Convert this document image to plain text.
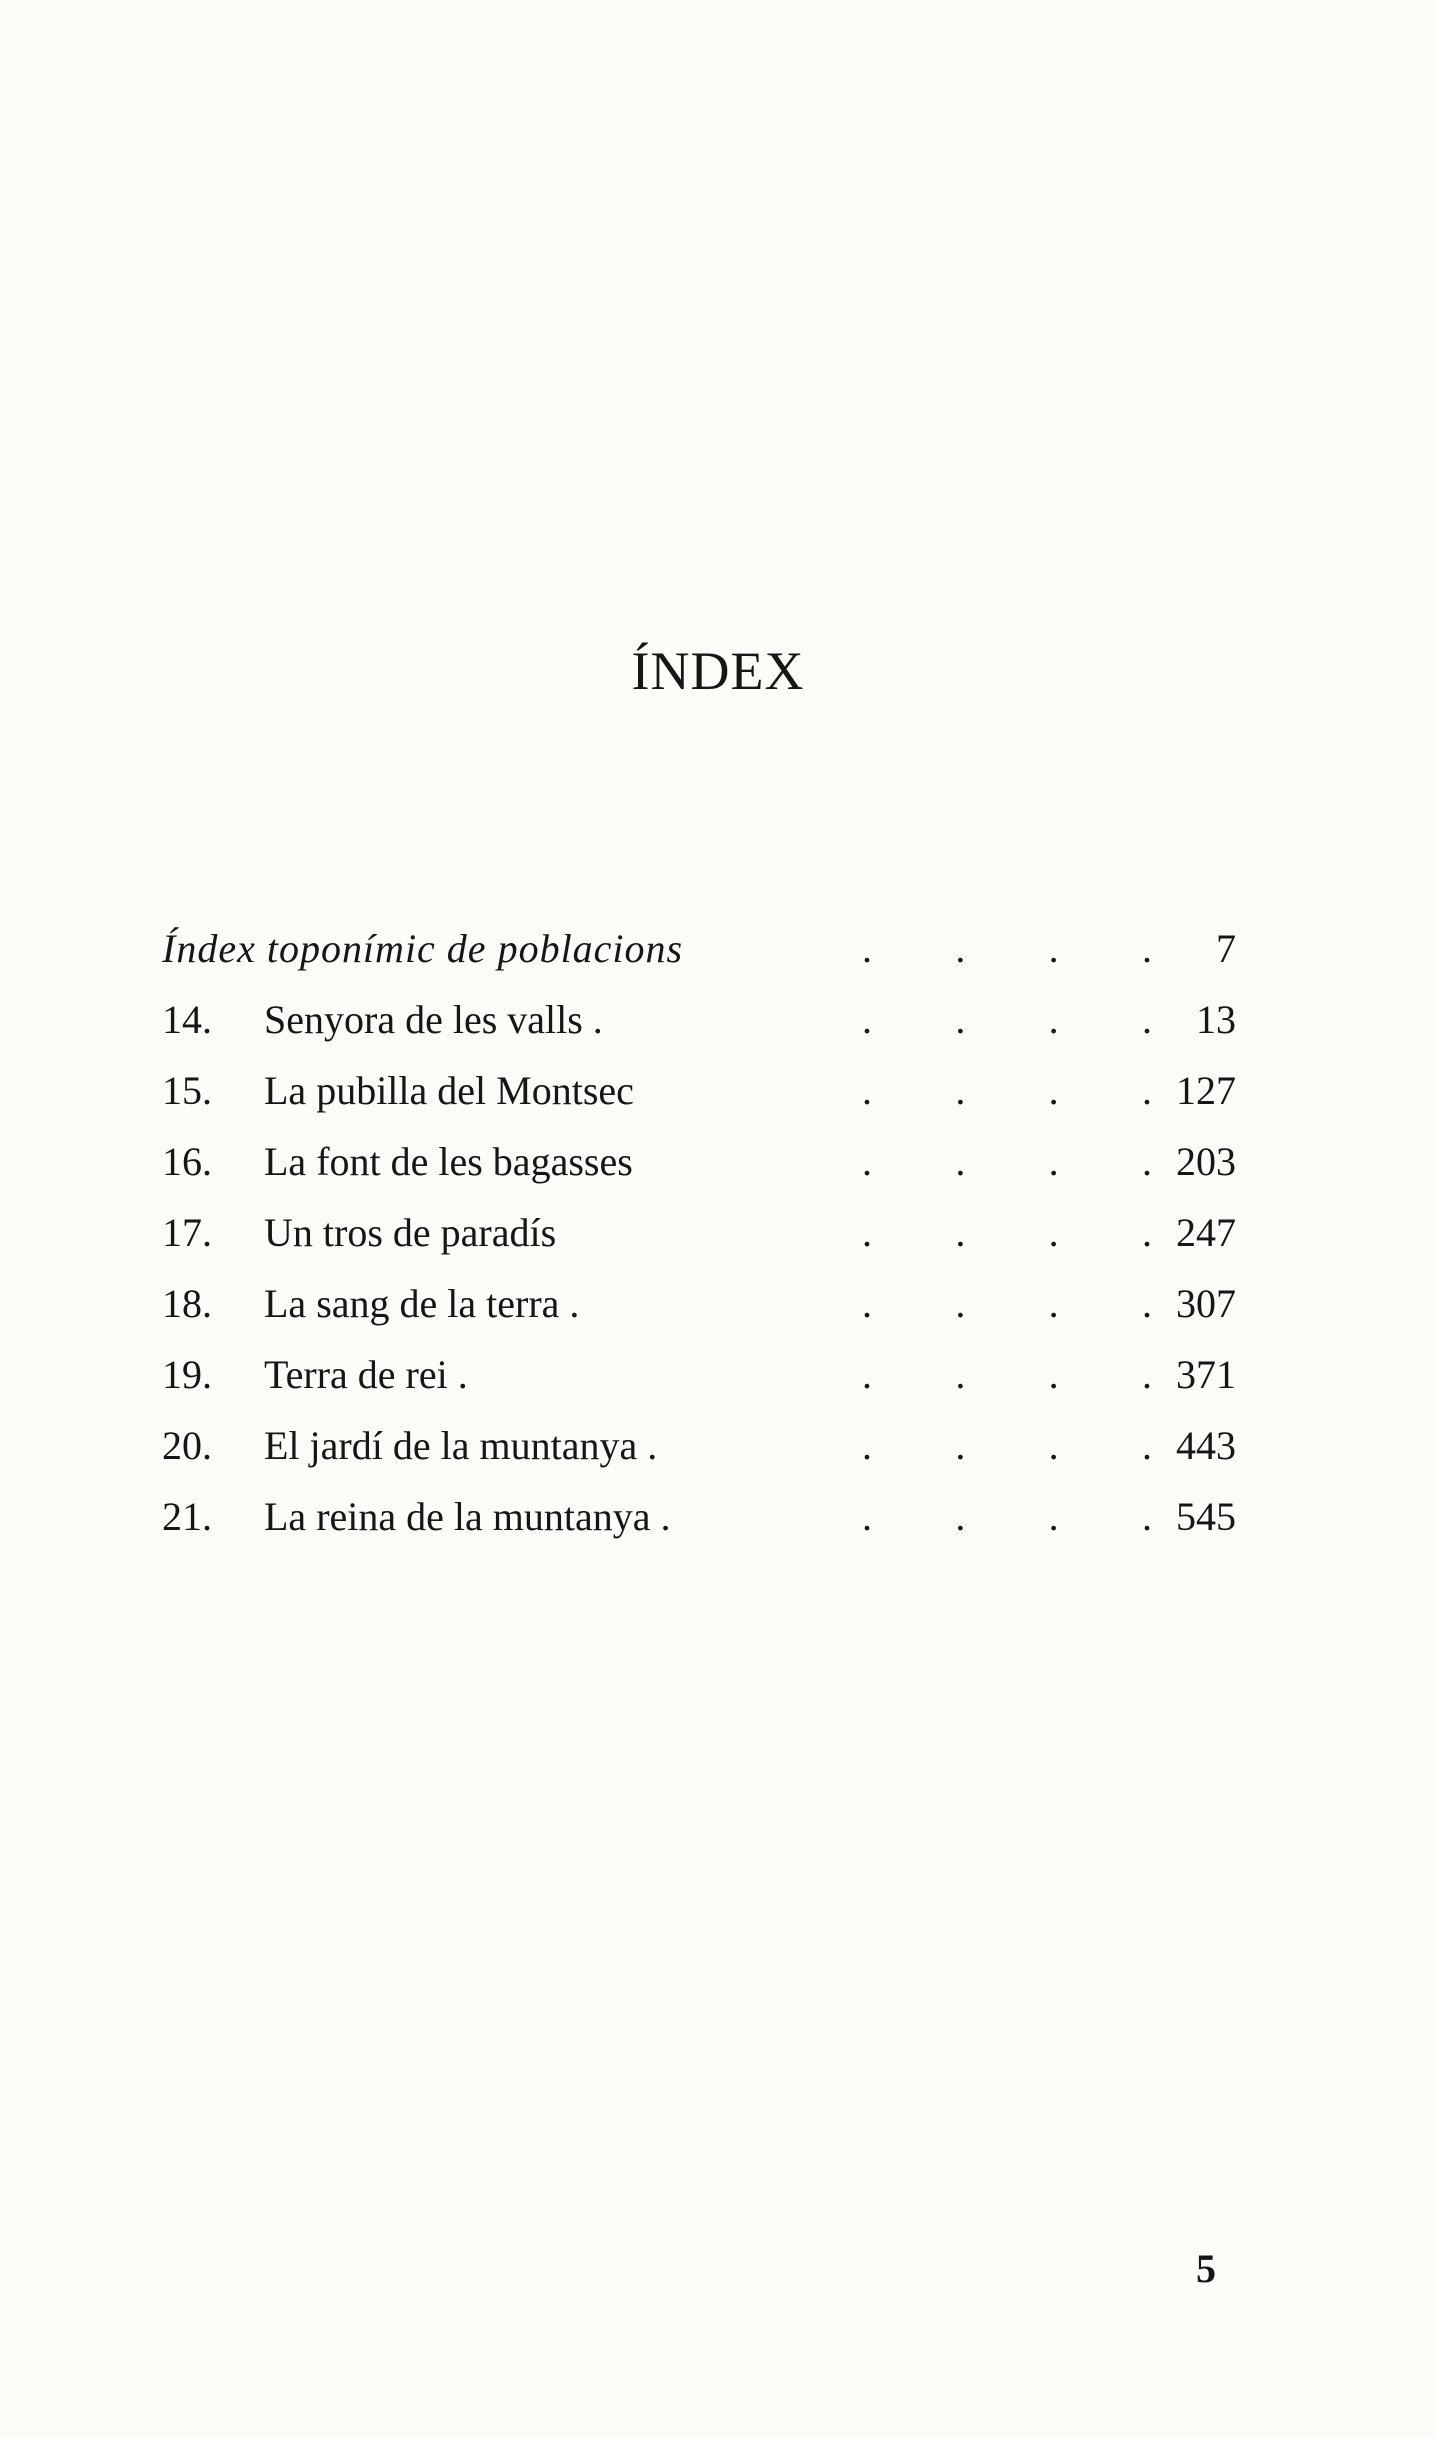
ÍNDEX
Índex toponímic de poblacions	. . . . 7
14.	Senyora de les valls .	. . . . 13
15.	La pubilla del Montsec	. . . . 127
16.	La font de les bagasses	. . . . 203
17.	Un tros de paradís	. . . . 247
18.	La sang de la terra .	. . . . 307
19.	Terra de rei .	. . . . 371
20.	El jardí de la muntanya .	. . . . 443
21.	La reina de la muntanya .	. . . . 545
5
